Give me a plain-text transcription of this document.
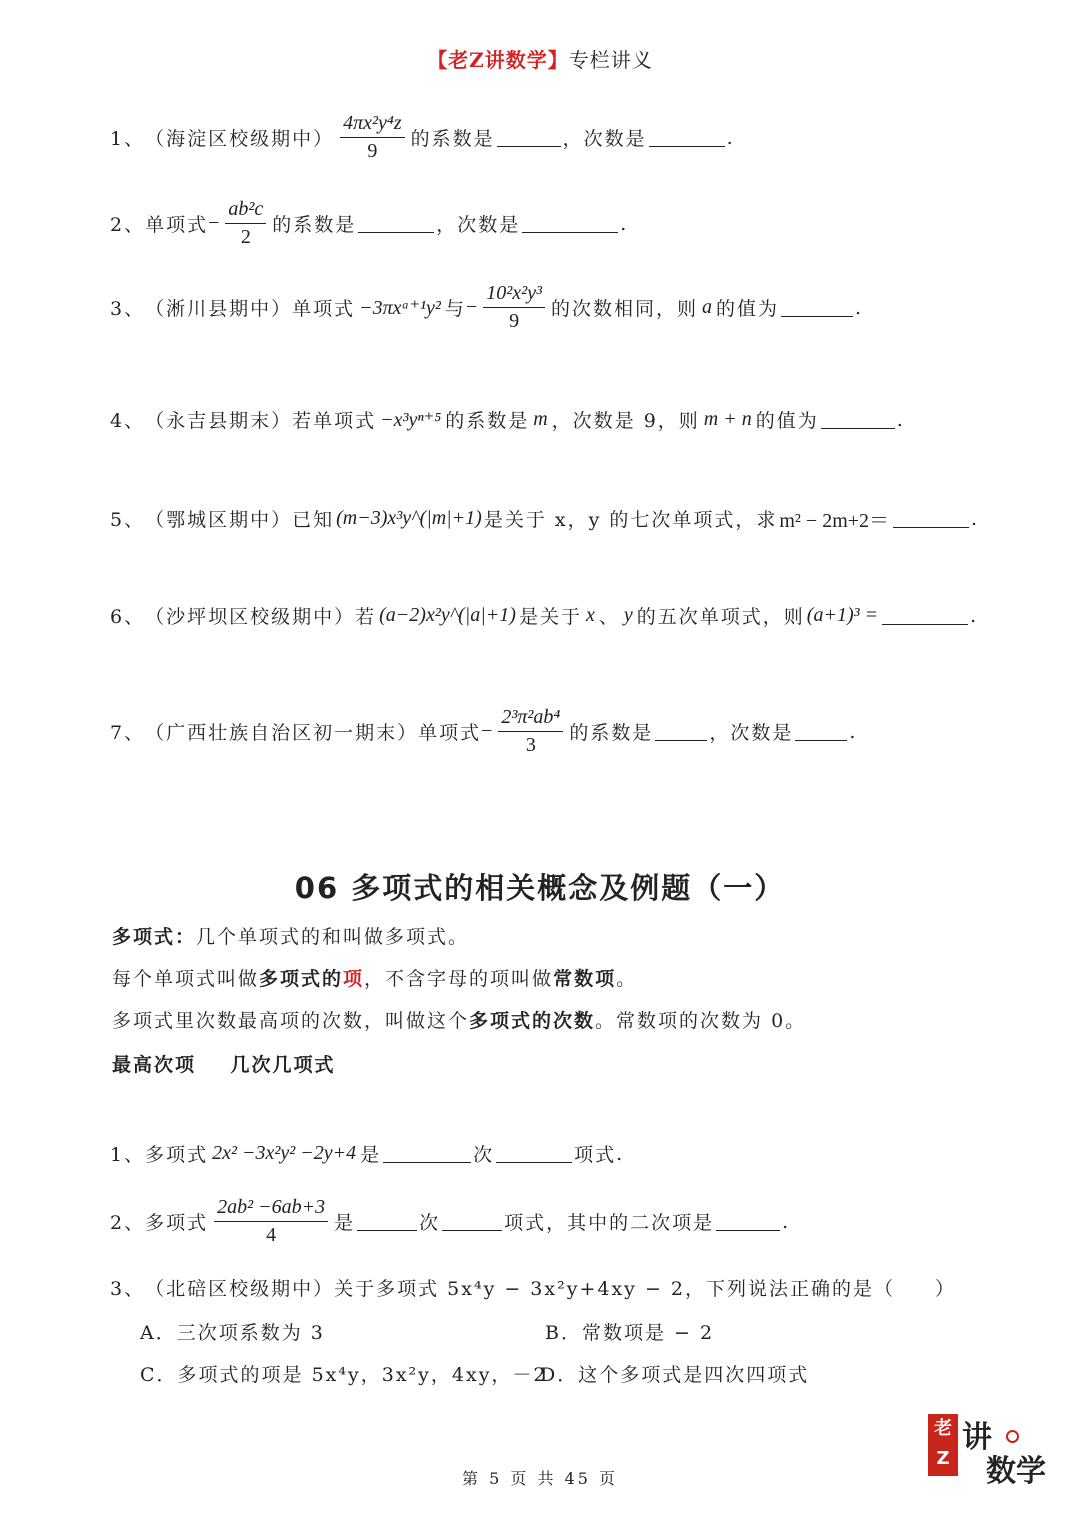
【老Z讲数学】专栏讲义
1、 （海淀区校级期中） $\frac{\text{4πx²y⁴z}}{9}$ 的系数是	，次数是	.
2、 单项式 − $\frac{\text{ab²c}}{2}$ 的系数是	，次数是	.
3、 （淅川县期中） 单项式 −3πxᵃ⁺¹y² 与 − $\frac{\text{10²x²y³}}{9}$ 的次数相同，则 a 的值为	.
4、 （永吉县期末） 若单项式 −x³yⁿ⁺⁵ 的系数是 m ，次数是 9，则 m + n 的值为	.
5、 （鄂城区期中） 已知 (m−3)x³y^(|m|+1) 是关于 x，y 的七次单项式，求 m² − 2m+2＝	.
6、 （沙坪坝区校级期中） 若 (a−2)x²y^(|a|+1) 是关于 x 、 y 的五次单项式，则 (a+1)³ =	.
7、 （广西壮族自治区初一期末） 单项式 − $\frac{\text{2³π²ab⁴}}{3}$ 的系数是	，次数是	.
06 多项式的相关概念及例题（一）
多项式：几个单项式的和叫做多项式。
每个单项式叫做多项式的项，不含字母的项叫做常数项。
多项式里次数最高项的次数，叫做这个多项式的次数。常数项的次数为 0。
最高次项    几次几项式
1、 多项式 2x² −3x²y² −2y+4 是	次	项式 .
2、 多项式 $\frac{\text{2ab² −6ab+3}}{4}$ 是	次	项式，其中的二次项是	.
3、 （北碚区校级期中） 关于多项式 5x⁴y − 3x²y+4xy − 2，下列说法正确的是（ ）
A．三次项系数为 3	B．常数项是 − 2
C．多项式的项是 5x⁴y，3x²y，4xy，－2
D．这个多项式是四次四项式
老
Z
讲
数学
第 5 页 共 45 页
